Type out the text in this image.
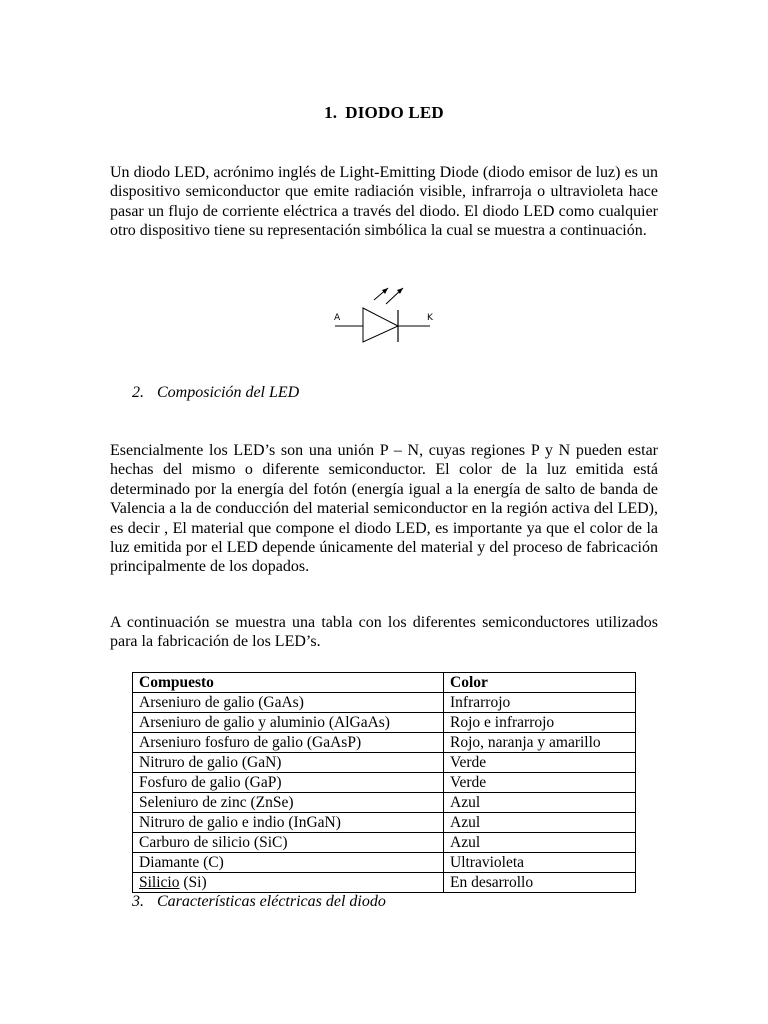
1. DIODO LED

Un diodo LED, acrónimo inglés de Light-Emitting Diode (diodo emisor de luz) es un dispositivo semiconductor que emite radiación visible, infrarroja o ultravioleta hace pasar un flujo de corriente eléctrica a través del diodo. El diodo LED como cualquier otro dispositivo tiene su representación simbólica la cual se muestra a continuación.

A	K
2. Composición del LED

Esencialmente los LED’s son una unión P – N, cuyas regiones P y N pueden estar hechas del mismo o diferente semiconductor. El color de la luz emitida está determinado por la energía del fotón (energía igual a la energía de salto de banda de Valencia a la de conducción del material semiconductor en la región activa del LED), es decir , El material que compone el diodo LED, es importante ya que el color de la luz emitida por el LED depende únicamente del material y del proceso de fabricación principalmente de los dopados.

A continuación se muestra una tabla con los diferentes semiconductores utilizados para la fabricación de los LED’s.

Compuesto	Color
Arseniuro de galio (GaAs)	Infrarrojo
Arseniuro de galio y aluminio (AlGaAs)	Rojo e infrarrojo
Arseniuro fosfuro de galio (GaAsP)	Rojo, naranja y amarillo
Nitruro de galio (GaN)	Verde
Fosfuro de galio (GaP)	Verde
Seleniuro de zinc (ZnSe)	Azul
Nitruro de galio e indio (InGaN)	Azul
Carburo de silicio (SiC)	Azul
Diamante (C)	Ultravioleta
Silicio (Si)	En desarrollo
3. Características eléctricas del diodo
